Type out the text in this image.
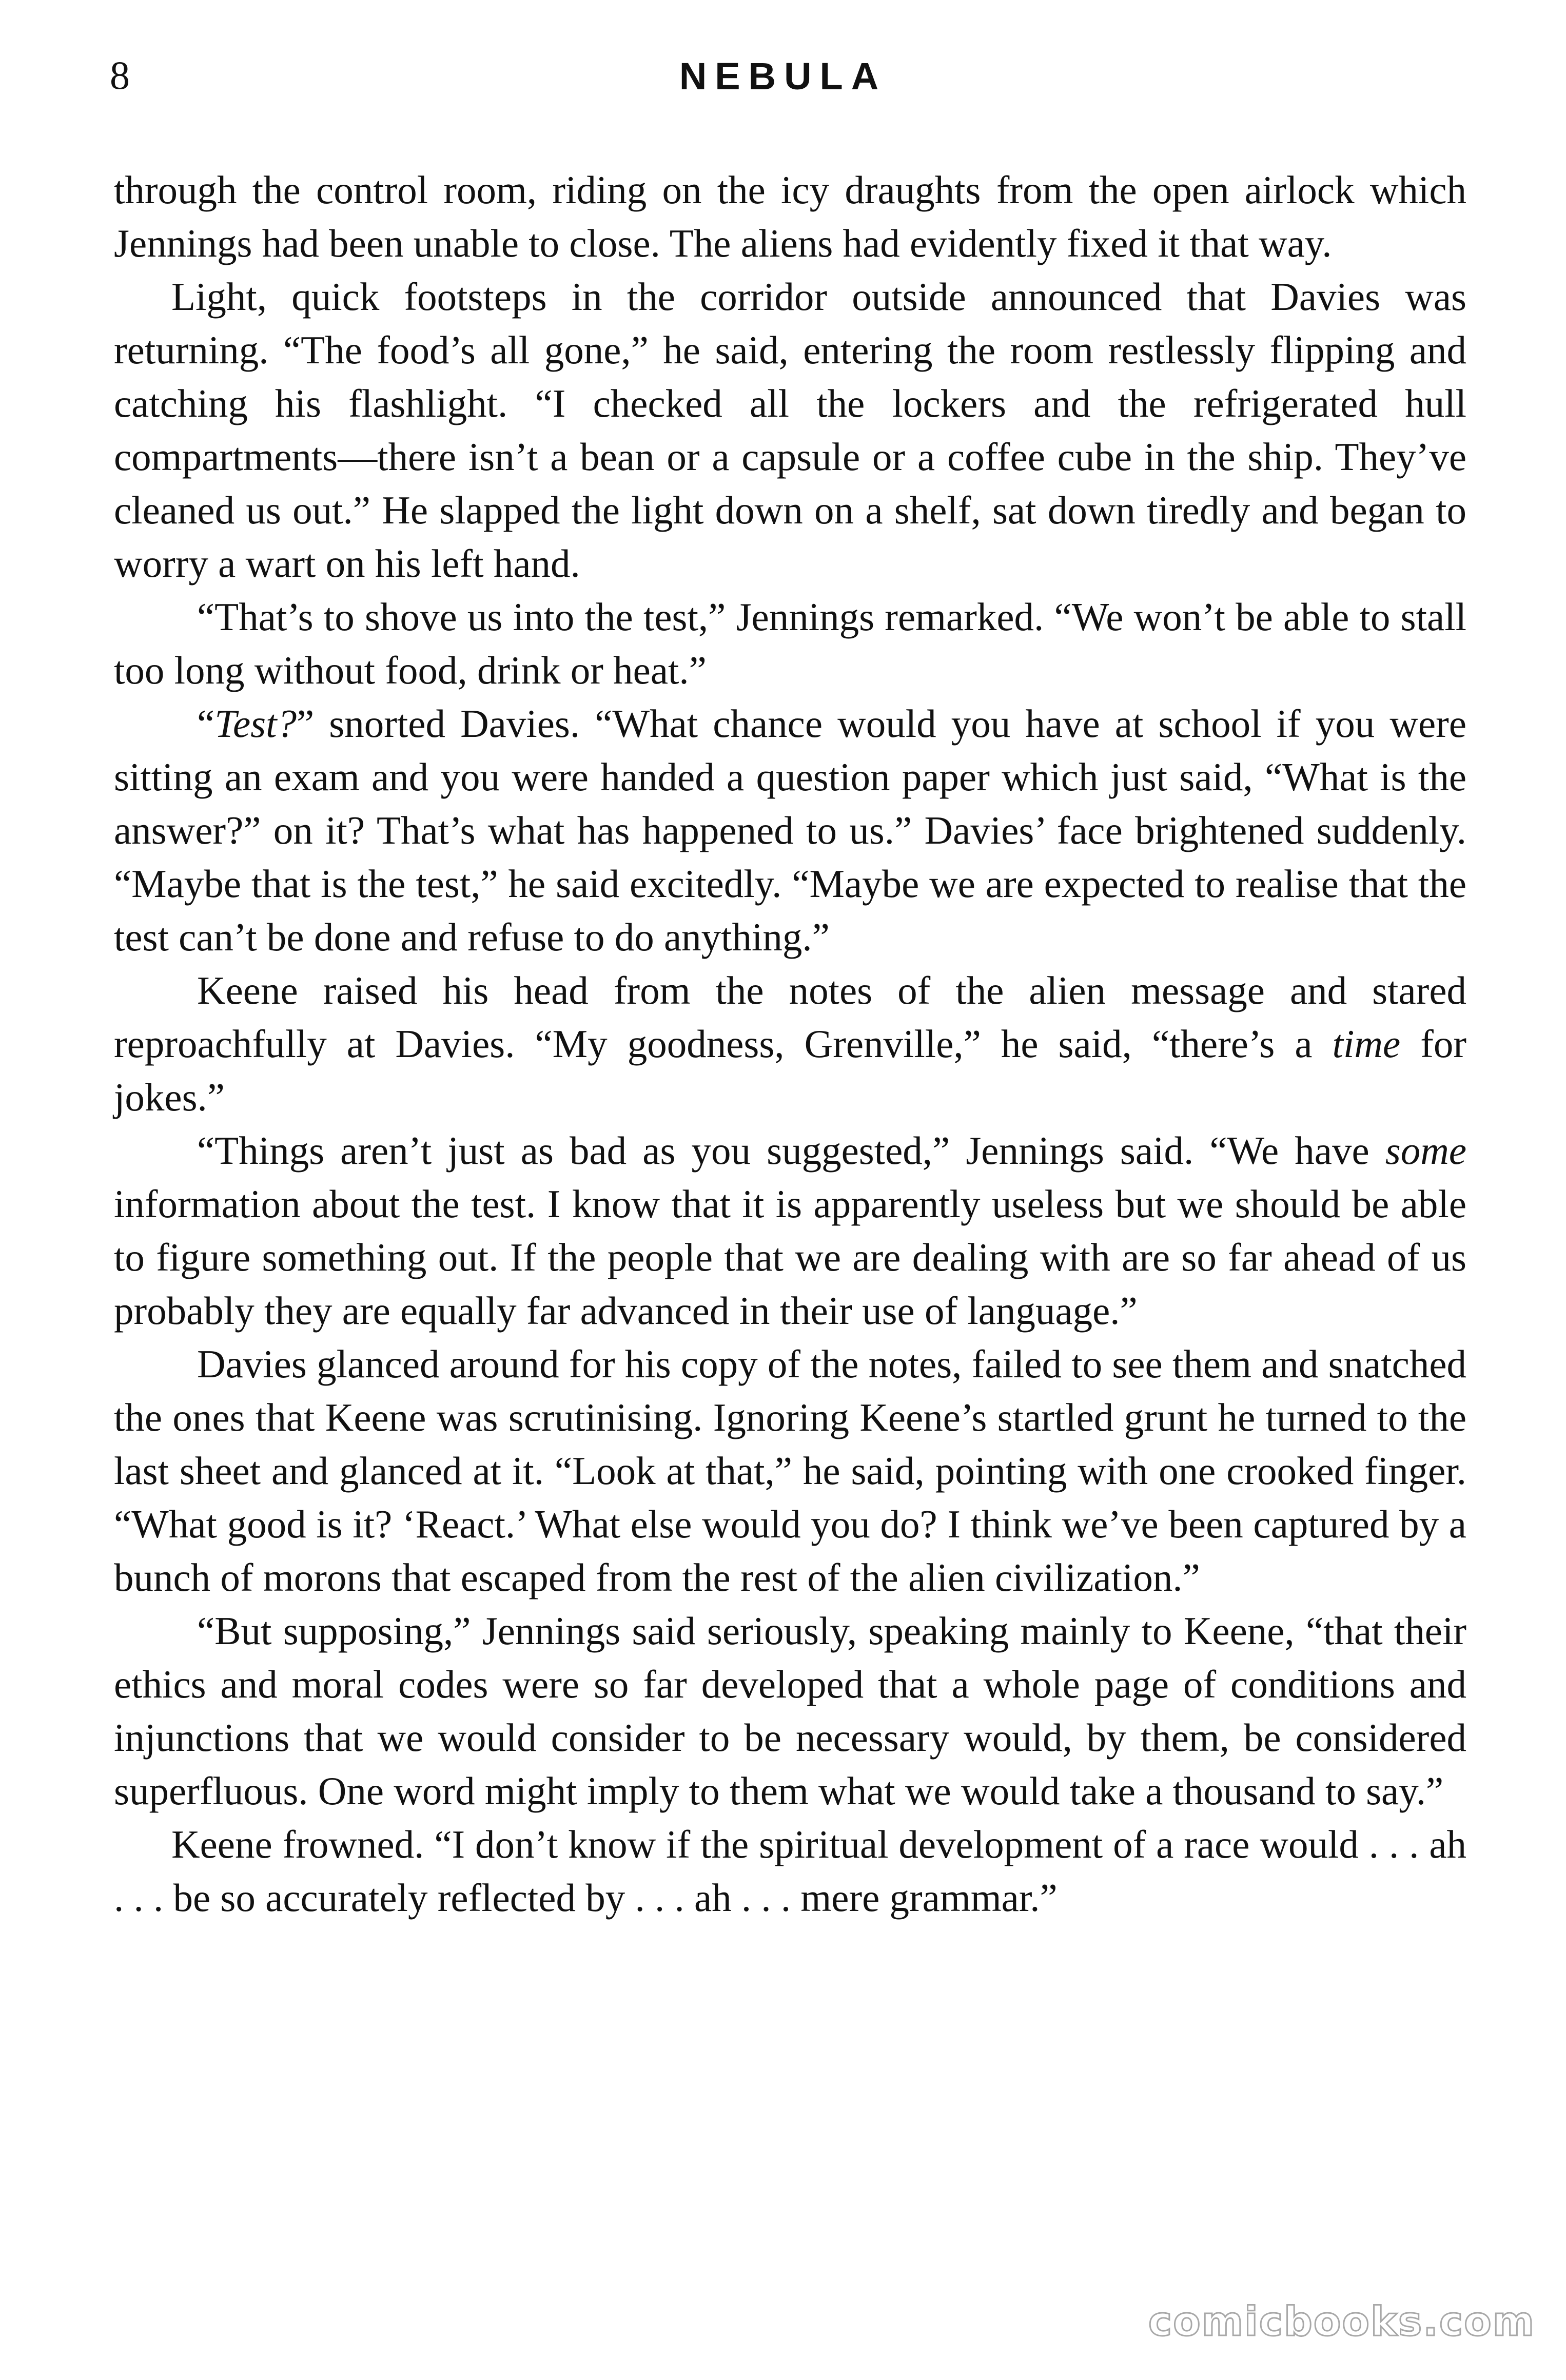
8	NEBULA

through the control room, riding on the icy draughts from the open airlock which Jennings had been unable to close. The aliens had evidently fixed it that way.

Light, quick footsteps in the corridor outside announced that Davies was returning. “The food’s all gone,” he said, entering the room restlessly flipping and catching his flashlight. “I checked all the lockers and the refrigerated hull compartments—there isn’t a bean or a capsule or a coffee cube in the ship. They’ve cleaned us out.” He slapped the light down on a shelf, sat down tiredly and began to worry a wart on his left hand.

“That’s to shove us into the test,” Jennings remarked. “We won’t be able to stall too long without food, drink or heat.”

“Test?” snorted Davies. “What chance would you have at school if you were sitting an exam and you were handed a question paper which just said, “What is the answer?” on it? That’s what has happened to us.” Davies’ face brightened suddenly. “Maybe that is the test,” he said excitedly. “Maybe we are expected to realise that the test can’t be done and refuse to do anything.”

Keene raised his head from the notes of the alien message and stared reproachfully at Davies. “My goodness, Grenville,” he said, “there’s a time for jokes.”

“Things aren’t just as bad as you suggested,” Jennings said. “We have some information about the test. I know that it is apparently useless but we should be able to figure something out. If the people that we are dealing with are so far ahead of us probably they are equally far advanced in their use of language.”

Davies glanced around for his copy of the notes, failed to see them and snatched the ones that Keene was scrutinising. Ignoring Keene’s startled grunt he turned to the last sheet and glanced at it. “Look at that,” he said, pointing with one crooked finger. “What good is it? ‘React.’ What else would you do? I think we’ve been captured by a bunch of morons that escaped from the rest of the alien civilization.”

“But supposing,” Jennings said seriously, speaking mainly to Keene, “that their ethics and moral codes were so far developed that a whole page of conditions and injunctions that we would consider to be necessary would, by them, be considered superfluous. One word might imply to them what we would take a thousand to say.”

Keene frowned. “I don’t know if the spiritual development of a race would . . . ah . . . be so accurately reflected by . . . ah . . . mere grammar.”

comicbooks.com
